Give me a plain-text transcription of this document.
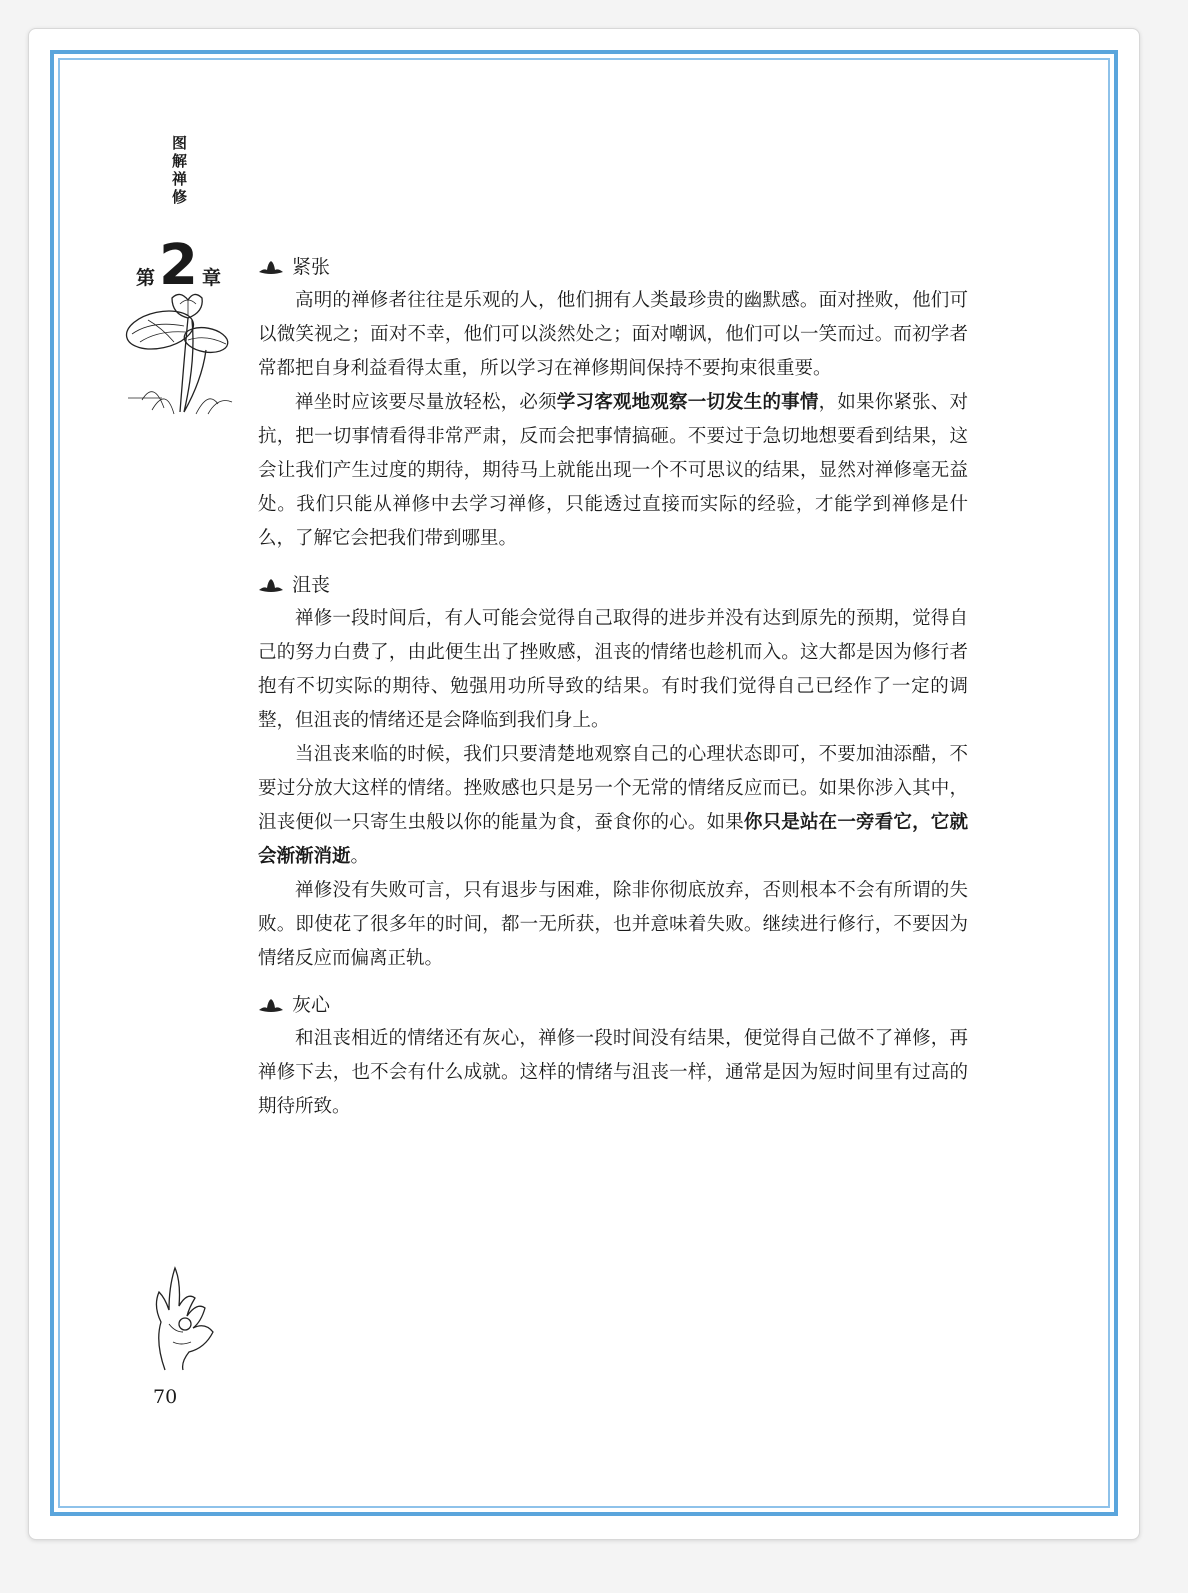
图解禅修
第 2 章	紧张

高明的禅修者往往是乐观的人，他们拥有人类最珍贵的幽默感。面对挫败，他们可以微笑视之；面对不幸，他们可以淡然处之；面对嘲讽，他们可以一笑而过。而初学者常都把自身利益看得太重，所以学习在禅修期间保持不要拘束很重要。

禅坐时应该要尽量放轻松，必须学习客观地观察一切发生的事情，如果你紧张、对抗，把一切事情看得非常严肃，反而会把事情搞砸。不要过于急切地想要看到结果，这会让我们产生过度的期待，期待马上就能出现一个不可思议的结果，显然对禅修毫无益处。我们只能从禅修中去学习禅修，只能透过直接而实际的经验，才能学到禅修是什么，了解它会把我们带到哪里。

沮丧

禅修一段时间后，有人可能会觉得自己取得的进步并没有达到原先的预期，觉得自己的努力白费了，由此便生出了挫败感，沮丧的情绪也趁机而入。这大都是因为修行者抱有不切实际的期待、勉强用功所导致的结果。有时我们觉得自己已经作了一定的调整，但沮丧的情绪还是会降临到我们身上。

当沮丧来临的时候，我们只要清楚地观察自己的心理状态即可，不要加油添醋，不要过分放大这样的情绪。挫败感也只是另一个无常的情绪反应而已。如果你涉入其中，沮丧便似一只寄生虫般以你的能量为食，蚕食你的心。如果你只是站在一旁看它，它就会渐渐消逝。

禅修没有失败可言，只有退步与困难，除非你彻底放弃，否则根本不会有所谓的失败。即使花了很多年的时间，都一无所获，也并意味着失败。继续进行修行，不要因为情绪反应而偏离正轨。

灰心

和沮丧相近的情绪还有灰心，禅修一段时间没有结果，便觉得自己做不了禅修，再禅修下去，也不会有什么成就。这样的情绪与沮丧一样，通常是因为短时间里有过高的期待所致。

70
